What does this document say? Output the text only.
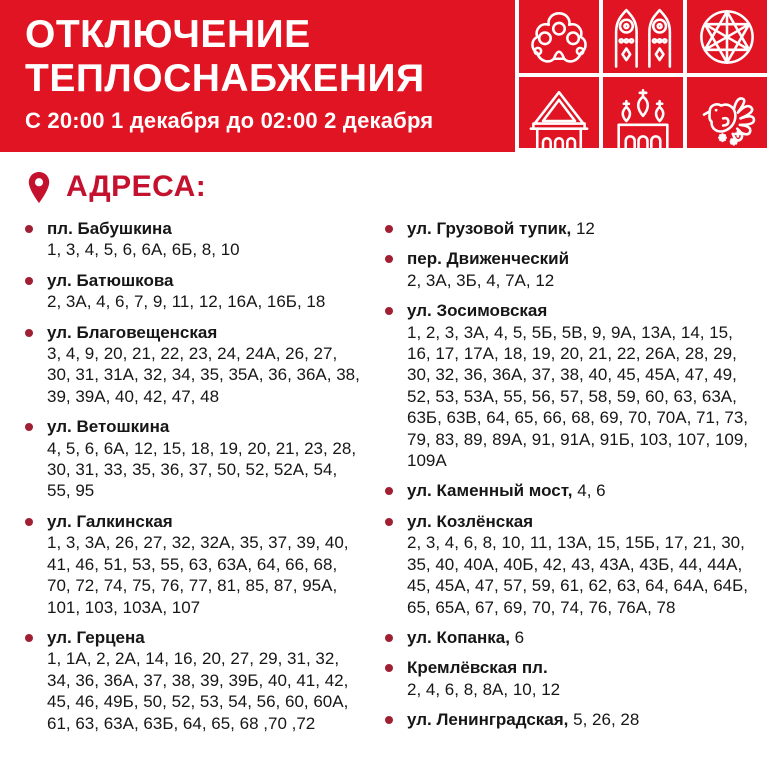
ОТКЛЮЧЕНИЕ
ТЕПЛОСНАБЖЕНИЯ
С 20:00 1 декабря до 02:00 2 декабря
АДРЕСА:
пл. Бабушкина
1, 3, 4, 5, 6, 6А, 6Б, 8, 10
ул. Батюшкова
2, 3А, 4, 6, 7, 9, 11, 12, 16А, 16Б, 18
ул. Благовещенская
3, 4, 9, 20, 21, 22, 23, 24, 24А, 26, 27, 30, 31, 31А, 32, 34, 35, 35А, 36, 36А, 38, 39, 39А, 40, 42, 47, 48
ул. Ветошкина
4, 5, 6, 6А, 12, 15, 18, 19, 20, 21, 23, 28, 30, 31, 33, 35, 36, 37, 50, 52, 52А, 54, 55, 95
ул. Галкинская
1, 3, 3А, 26, 27, 32, 32А, 35, 37, 39, 40, 41, 46, 51, 53, 55, 63, 63А, 64, 66, 68, 70, 72, 74, 75, 76, 77, 81, 85, 87, 95А, 101, 103, 103А, 107
ул. Герцена
1, 1А, 2, 2А, 14, 16, 20, 27, 29, 31, 32, 34, 36, 36А, 37, 38, 39, 39Б, 40, 41, 42, 45, 46, 49Б, 50, 52, 53, 54, 56, 60, 60А, 61, 63, 63А, 63Б, 64, 65, 68 ,70 ,72
ул. Грузовой тупик, 12
пер. Движенческий
2, 3А, 3Б, 4, 7А, 12
ул. Зосимовская
1, 2, 3, 3А, 4, 5, 5Б, 5В, 9, 9А, 13А, 14, 15, 16, 17, 17А, 18, 19, 20, 21, 22, 26А, 28, 29, 30, 32, 36, 36А, 37, 38, 40, 45, 45А, 47, 49, 52, 53, 53А, 55, 56, 57, 58, 59, 60, 63, 63А, 63Б, 63В, 64, 65, 66, 68, 69, 70, 70А, 71, 73, 79, 83, 89, 89А, 91, 91А, 91Б, 103, 107, 109, 109А
ул. Каменный мост, 4, 6
ул. Козлёнская
2, 3, 4, 6, 8, 10, 11, 13А, 15, 15Б, 17, 21, 30, 35, 40, 40А, 40Б, 42, 43, 43А, 43Б, 44, 44А, 45, 45А, 47, 57, 59, 61, 62, 63, 64, 64А, 64Б, 65, 65А, 67, 69, 70, 74, 76, 76А, 78
ул. Копанка, 6
Кремлёвская пл.
2, 4, 6, 8, 8А, 10, 12
ул. Ленинградская, 5, 26, 28
